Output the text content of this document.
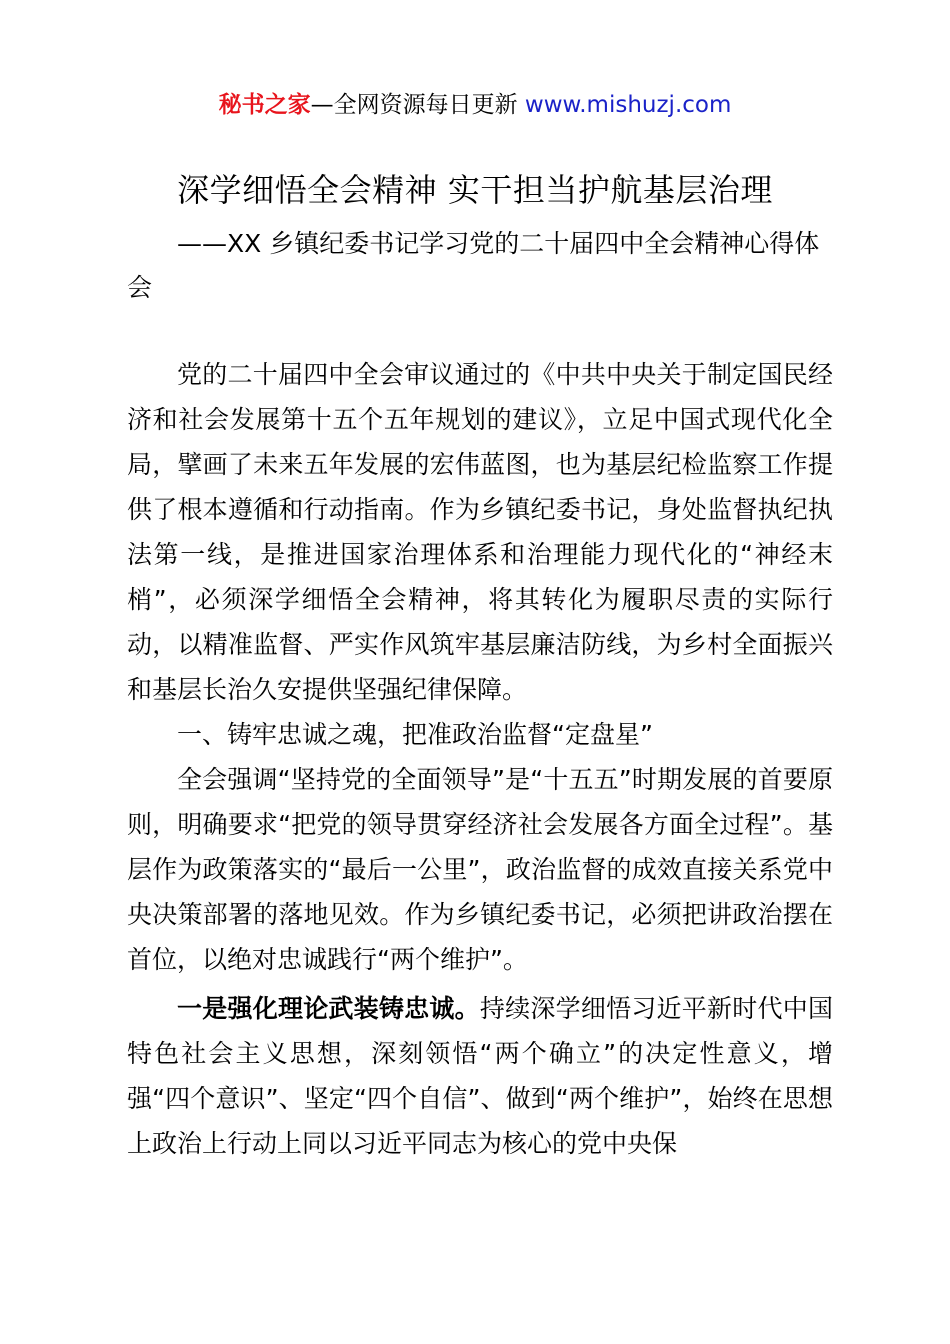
秘书之家—全网资源每日更新 www.mishuzj.com
深学细悟全会精神 实干担当护航基层治理
——XX 乡镇纪委书记学习党的二十届四中全会精神心得体会

党的二十届四中全会审议通过的《中共中央关于制定国民经济和社会发展第十五个五年规划的建议》，立足中国式现代化全局，擘画了未来五年发展的宏伟蓝图，也为基层纪检监察工作提供了根本遵循和行动指南。作为乡镇纪委书记，身处监督执纪执法第一线，是推进国家治理体系和治理能力现代化的“神经末梢”，必须深学细悟全会精神，将其转化为履职尽责的实际行动，以精准监督、严实作风筑牢基层廉洁防线，为乡村全面振兴和基层长治久安提供坚强纪律保障。

一、铸牢忠诚之魂，把准政治监督“定盘星”

全会强调“坚持党的全面领导”是“十五五”时期发展的首要原则，明确要求“把党的领导贯穿经济社会发展各方面全过程”。基层作为政策落实的“最后一公里”，政治监督的成效直接关系党中央决策部署的落地见效。作为乡镇纪委书记，必须把讲政治摆在首位，以绝对忠诚践行“两个维护”。

一是强化理论武装铸忠诚。持续深学细悟习近平新时代中国特色社会主义思想，深刻领悟“两个确立”的决定性意义，增强“四个意识”、坚定“四个自信”、做到“两个维护”，始终在思想上政治上行动上同以习近平同志为核心的党中央保
